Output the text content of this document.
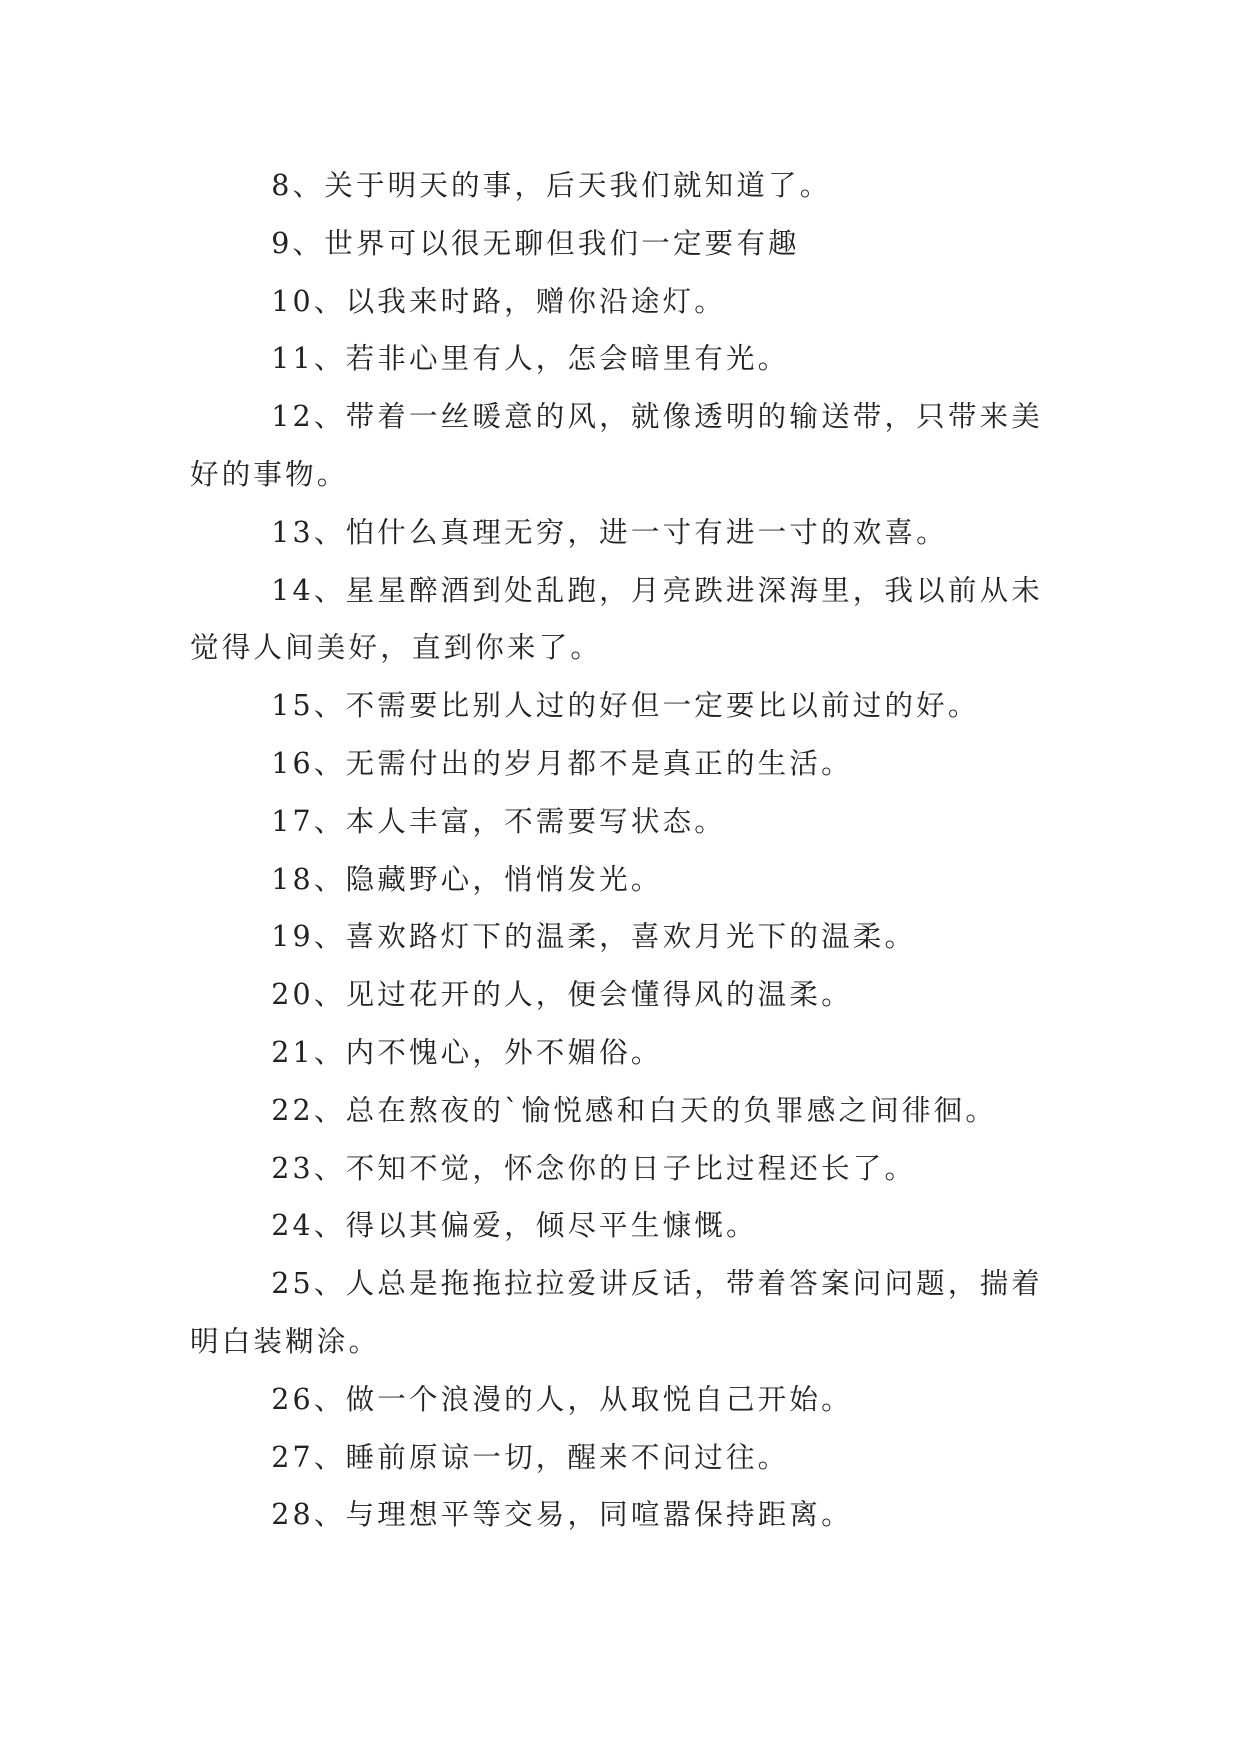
8、关于明天的事，后天我们就知道了。

9、世界可以很无聊但我们一定要有趣

10、以我来时路，赠你沿途灯。

11、若非心里有人，怎会暗里有光。

12、带着一丝暖意的风，就像透明的输送带，只带来美好的事物。

13、怕什么真理无穷，进一寸有进一寸的欢喜。

14、星星醉酒到处乱跑，月亮跌进深海里，我以前从未觉得人间美好，直到你来了。

15、不需要比别人过的好但一定要比以前过的好。

16、无需付出的岁月都不是真正的生活。

17、本人丰富，不需要写状态。

18、隐藏野心，悄悄发光。

19、喜欢路灯下的温柔，喜欢月光下的温柔。

20、见过花开的人，便会懂得风的温柔。

21、内不愧心，外不媚俗。

22、总在熬夜的`愉悦感和白天的负罪感之间徘徊。

23、不知不觉，怀念你的日子比过程还长了。

24、得以其偏爱，倾尽平生慷慨。

25、人总是拖拖拉拉爱讲反话，带着答案问问题，揣着明白装糊涂。

26、做一个浪漫的人，从取悦自己开始。

27、睡前原谅一切，醒来不问过往。

28、与理想平等交易，同喧嚣保持距离。
